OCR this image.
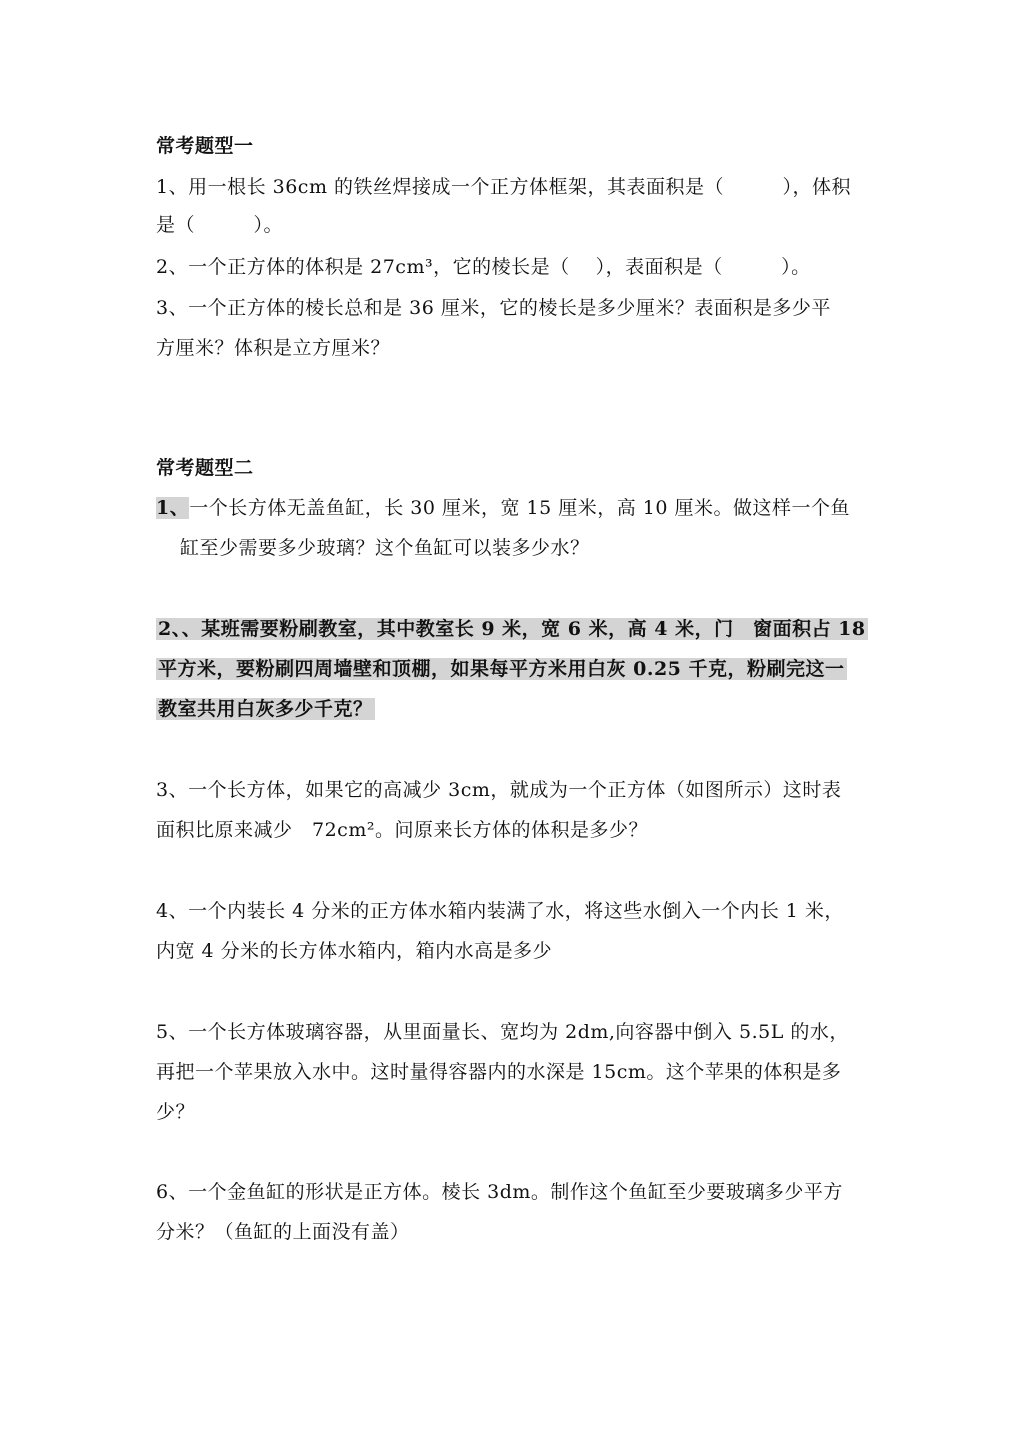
常考题型一
1、用一根长 36cm 的铁丝焊接成一个正方体框架，其表面积是（　　　），体积
是（　　　）。
2、一个正方体的体积是 27cm³，它的棱长是（　 ），表面积是（　　　）。
3、一个正方体的棱长总和是 36 厘米，它的棱长是多少厘米？表面积是多少平
方厘米？体积是立方厘米？
常考题型二
1、一个长方体无盖鱼缸，长 30 厘米，宽 15 厘米，高 10 厘米。做这样一个鱼
缸至少需要多少玻璃？这个鱼缸可以装多少水？
2、、某班需要粉刷教室，其中教室长 9 米，宽 6 米，高 4 米，门　窗面积占 18
平方米，要粉刷四周墙壁和顶棚，如果每平方米用白灰 0.25 千克，粉刷完这一
教室共用白灰多少千克？
3、一个长方体，如果它的高减少 3cm，就成为一个正方体（如图所示）这时表
面积比原来减少　72cm²。问原来长方体的体积是多少？
4、一个内装长 4 分米的正方体水箱内装满了水，将这些水倒入一个内长 1 米，
内宽 4 分米的长方体水箱内，箱内水高是多少
5、一个长方体玻璃容器，从里面量长、宽均为 2dm,向容器中倒入 5.5L 的水，
再把一个苹果放入水中。这时量得容器内的水深是 15cm。这个苹果的体积是多
少？
6、一个金鱼缸的形状是正方体。棱长 3dm。制作这个鱼缸至少要玻璃多少平方
分米？（鱼缸的上面没有盖）
